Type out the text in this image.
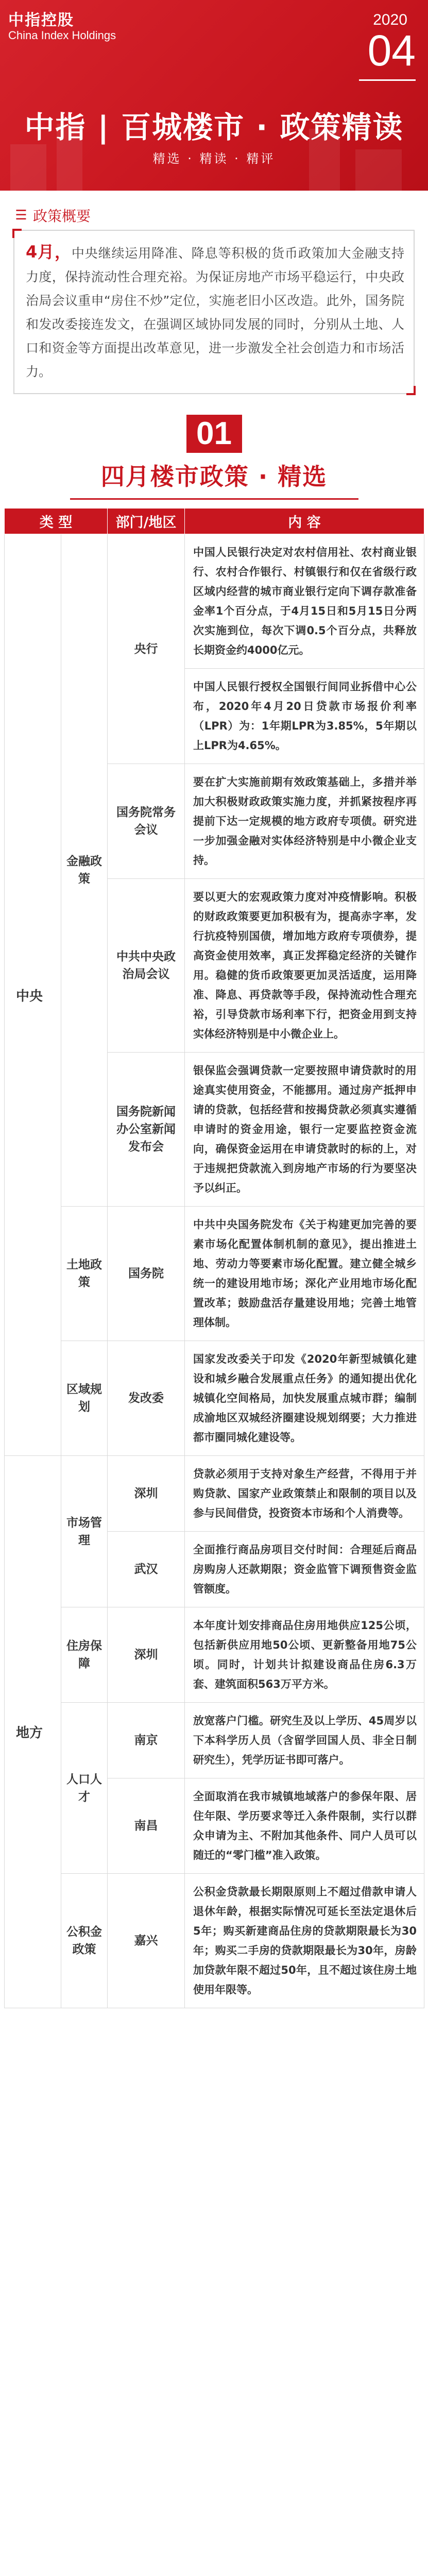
中指控股
China Index Holdings
2020
04
中指 | 百城楼市 · 政策精读
精选 · 精读 · 精评
☰ 政策概要
4月，中央继续运用降准、降息等积极的货币政策加大金融支持力度，保持流动性合理充裕。为保证房地产市场平稳运行，中央政治局会议重申“房住不炒”定位，实施老旧小区改造。此外，国务院和发改委接连发文，在强调区域协同发展的同时，分别从土地、人口和资金等方面提出改革意见，进一步激发全社会创造力和市场活力。
01
四月楼市政策 · 精选
类 型		部门/地区	内 容
中央	金融政策	央行	中国人民银行决定对农村信用社、农村商业银行、农村合作银行、村镇银行和仅在省级行政区域内经营的城市商业银行定向下调存款准备金率1个百分点，于4月15日和5月15日分两次实施到位，每次下调0.5个百分点，共释放长期资金约4000亿元。
			中国人民银行授权全国银行间同业拆借中心公布，2020年4月20日贷款市场报价利率（LPR）为：1年期LPR为3.85%，5年期以上LPR为4.65%。
		国务院常务会议	要在扩大实施前期有效政策基础上，多措并举加大积极财政政策实施力度，并抓紧按程序再提前下达一定规模的地方政府专项债。研究进一步加强金融对实体经济特别是中小微企业支持。
		中共中央政治局会议	要以更大的宏观政策力度对冲疫情影响。积极的财政政策要更加积极有为，提高赤字率，发行抗疫特别国债，增加地方政府专项债券，提高资金使用效率，真正发挥稳定经济的关键作用。稳健的货币政策要更加灵活适度，运用降准、降息、再贷款等手段，保持流动性合理充裕，引导贷款市场利率下行，把资金用到支持实体经济特别是中小微企业上。
		国务院新闻办公室新闻发布会	银保监会强调贷款一定要按照申请贷款时的用途真实使用资金，不能挪用。通过房产抵押申请的贷款，包括经营和按揭贷款必须真实遵循申请时的资金用途，银行一定要监控资金流向，确保资金运用在申请贷款时的标的上，对于违规把贷款流入到房地产市场的行为要坚决予以纠正。
	土地政策	国务院	中共中央国务院发布《关于构建更加完善的要素市场化配置体制机制的意见》，提出推进土地、劳动力等要素市场化配置。建立健全城乡统一的建设用地市场；深化产业用地市场化配置改革；鼓励盘活存量建设用地；完善土地管理体制。
	区域规划	发改委	国家发改委关于印发《2020年新型城镇化建设和城乡融合发展重点任务》的通知提出优化城镇化空间格局，加快发展重点城市群；编制成渝地区双城经济圈建设规划纲要；大力推进都市圈同城化建设等。
地方	市场管理	深圳	贷款必须用于支持对象生产经营，不得用于并购贷款、国家产业政策禁止和限制的项目以及参与民间借贷，投资资本市场和个人消费等。
		武汉	全面推行商品房项目交付时间：合理延后商品房购房人还款期限；资金监管下调预售资金监管额度。
	住房保障	深圳	本年度计划安排商品住房用地供应125公顷，包括新供应用地50公顷、更新整备用地75公顷。同时，计划共计拟建设商品住房6.3万套、建筑面积563万平方米。
	人口人才	南京	放宽落户门槛。研究生及以上学历、45周岁以下本科学历人员（含留学回国人员、非全日制研究生），凭学历证书即可落户。
		南昌	全面取消在我市城镇地域落户的参保年限、居住年限、学历要求等迁入条件限制，实行以群众申请为主、不附加其他条件、同户人员可以随迁的“零门槛”准入政策。
	公积金政策	嘉兴	公积金贷款最长期限原则上不超过借款申请人退休年龄，根据实际情况可延长至法定退休后5年；购买新建商品住房的贷款期限最长为30年；购买二手房的贷款期限最长为30年，房龄加贷款年限不超过50年，且不超过该住房土地使用年限等。
